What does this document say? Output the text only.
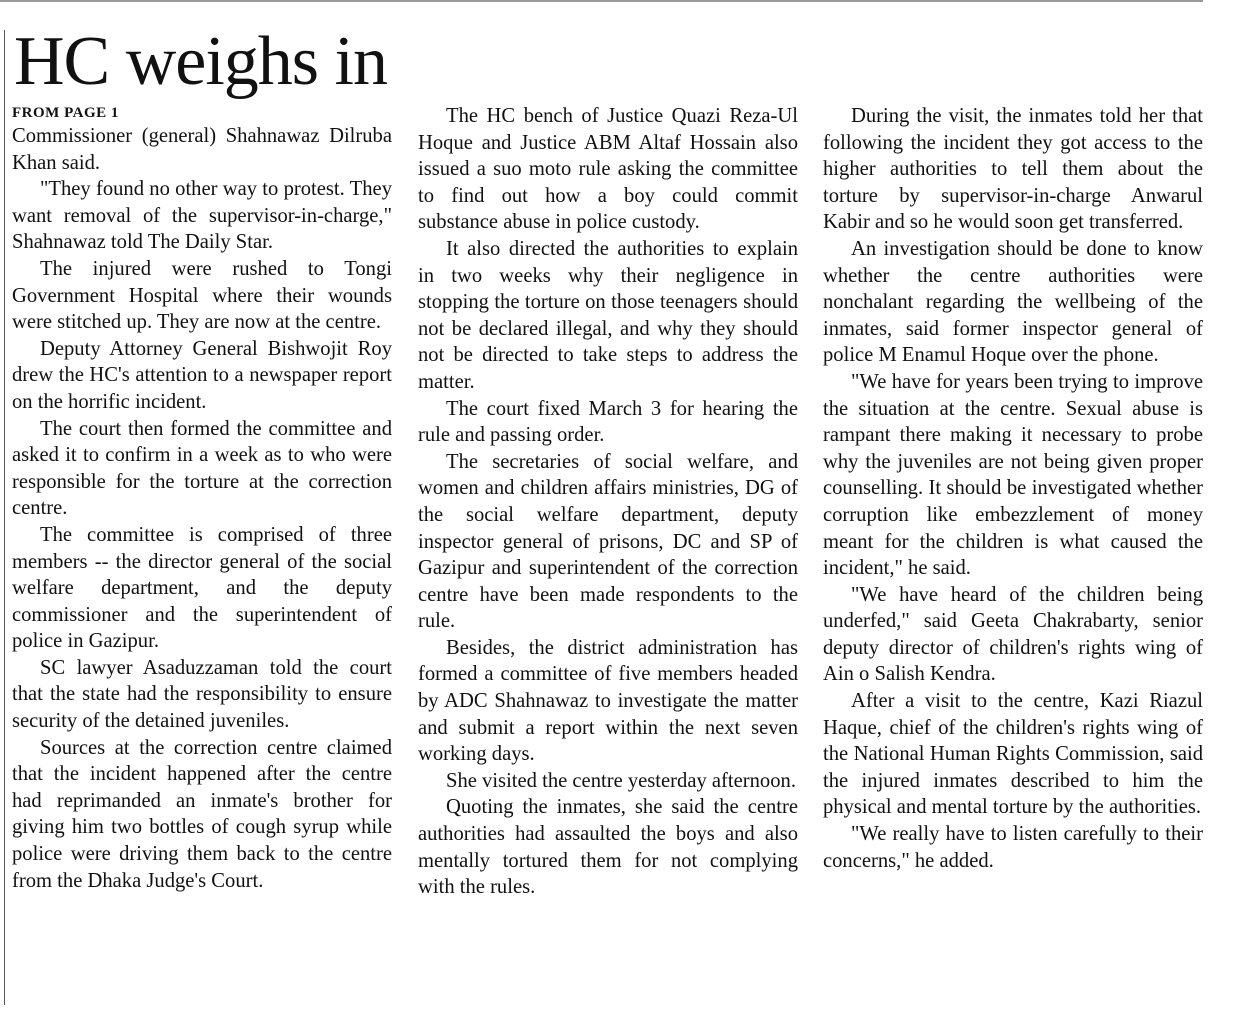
HC weighs in
FROM PAGE 1

Commissioner (general) Shahnawaz Dilruba Khan said.

"They found no other way to protest. They want removal of the supervisor-in-charge," Shahnawaz told The Daily Star.

The injured were rushed to Tongi Government Hospital where their wounds were stitched up. They are now at the centre.

Deputy Attorney General Bishwojit Roy drew the HC's attention to a newspaper report on the horrific incident.

The court then formed the committee and asked it to confirm in a week as to who were responsible for the torture at the correction centre.

The committee is comprised of three members -- the director general of the social welfare department, and the deputy commissioner and the superintendent of police in Gazipur.

SC lawyer Asaduzzaman told the court that the state had the responsibility to ensure security of the detained juveniles.

Sources at the correction centre claimed that the incident happened after the centre had reprimanded an inmate's brother for giving him two bottles of cough syrup while police were driving them back to the centre from the Dhaka Judge's Court.

The HC bench of Justice Quazi Reza-Ul Hoque and Justice ABM Altaf Hossain also issued a suo moto rule asking the committee to find out how a boy could commit substance abuse in police custody.

It also directed the authorities to explain in two weeks why their negligence in stopping the torture on those teenagers should not be declared illegal, and why they should not be directed to take steps to address the matter.

The court fixed March 3 for hearing the rule and passing order.

The secretaries of social welfare, and women and children affairs ministries, DG of the social welfare department, deputy inspector general of prisons, DC and SP of Gazipur and superintendent of the correction centre have been made respondents to the rule.

Besides, the district administration has formed a committee of five members headed by ADC Shahnawaz to investigate the matter and submit a report within the next seven working days.

She visited the centre yesterday afternoon.

Quoting the inmates, she said the centre authorities had assaulted the boys and also mentally tortured them for not complying with the rules.

During the visit, the inmates told her that following the incident they got access to the higher authorities to tell them about the torture by supervisor-in-charge Anwarul Kabir and so he would soon get transferred.

An investigation should be done to know whether the centre authorities were nonchalant regarding the wellbeing of the inmates, said former inspector general of police M Enamul Hoque over the phone.

"We have for years been trying to improve the situation at the centre. Sexual abuse is rampant there making it necessary to probe why the juveniles are not being given proper counselling. It should be investigated whether corruption like embezzlement of money meant for the children is what caused the incident," he said.

"We have heard of the children being underfed," said Geeta Chakrabarty, senior deputy director of children's rights wing of Ain o Salish Kendra.

After a visit to the centre, Kazi Riazul Haque, chief of the children's rights wing of the National Human Rights Commission, said the injured inmates described to him the physical and mental torture by the authorities.

"We really have to listen carefully to their concerns," he added.
